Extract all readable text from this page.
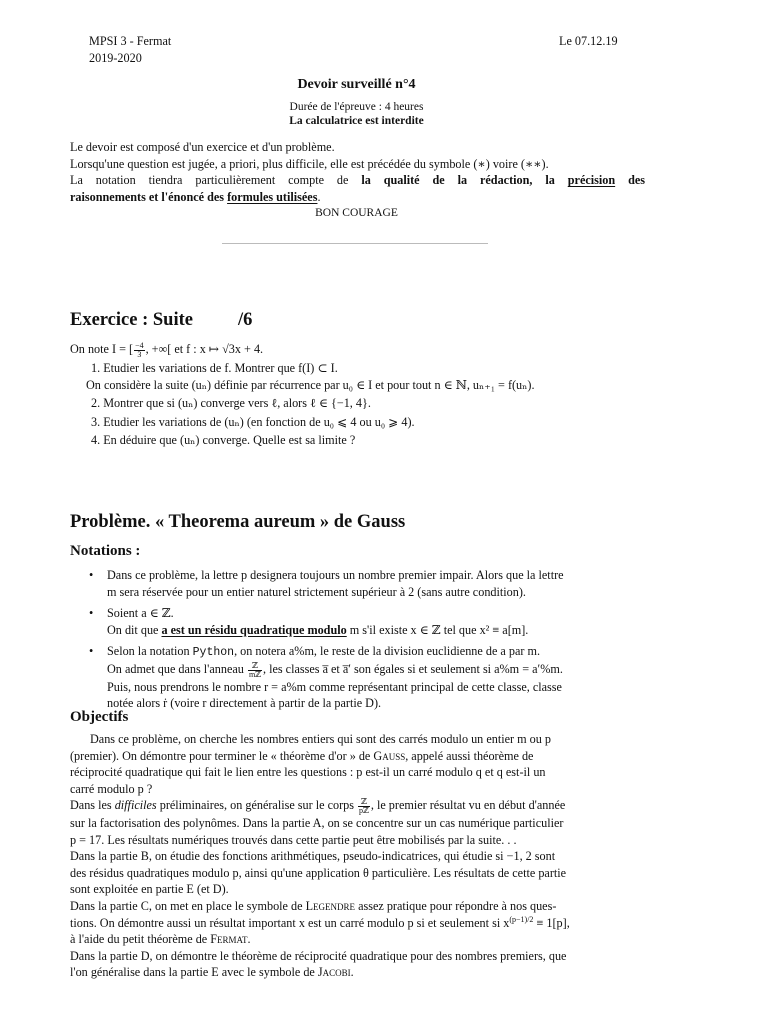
MPSI 3 - Fermat

2019-2020

Le 07.12.19
Devoir surveillé n°4
Durée de l'épreuve : 4 heures
La calculatrice est interdite

Le devoir est composé d'un exercice et d'un problème.

Lorsqu'une question est jugée, a priori, plus difficile, elle est précédée du symbole (∗) voire (∗∗).

La notation tiendra particulièrement compte de la qualité de la rédaction, la précision des

raisonnements et l'énoncé des formules utilisées.

BON COURAGE
Exercice : Suite /6
On note I = [ $\frac{-4}{3}$ , +∞[ et f : x ↦ √3x + 4.

1. Etudier les variations de f. Montrer que f(I) ⊂ I.

On considère la suite (uₙ) définie par récurrence par u₀ ∈ I et pour tout n ∈ ℕ, uₙ₊₁ = f(uₙ).

2. Montrer que si (uₙ) converge vers ℓ, alors ℓ ∈ {−1, 4}.

3. Etudier les variations de (uₙ) (en fonction de u₀ ⩽ 4 ou u₀ ⩾ 4).

4. En déduire que (uₙ) converge. Quelle est sa limite ?

Problème. « Theorema aureum » de Gauss
Notations :
• Dans ce problème, la lettre p designera toujours un nombre premier impair. Alors que la lettre

m sera réservée pour un entier naturel strictement supérieur à 2 (sans autre condition).

• Soient a ∈ ℤ.

On dit que a est un résidu quadratique modulo m s'il existe x ∈ ℤ tel que x² ≡ a[m].

• Selon la notation Python, on notera a%m, le reste de la division euclidienne de a par m.

On admet que dans l'anneau $\frac{\text{ℤ}}{\text{mℤ}}$ , les classes a̅ et a̅′ son égales si et seulement si a%m = a′%m.

Puis, nous prendrons le nombre r = a%m comme représentant principal de cette classe, classe

notée alors ṙ (voire r directement à partir de la partie D).

Objectifs

Dans ce problème, on cherche les nombres entiers qui sont des carrés modulo un entier m ou p

(premier). On démontre pour terminer le « théorème d'or » de Gauss, appelé aussi théorème de

réciprocité quadratique qui fait le lien entre les questions : p est-il un carré modulo q et q est-il un

carré modulo p ?

Dans les difficiles préliminaires, on généralise sur le corps $\frac{\text{ℤ}}{\text{pℤ}}$ , le premier résultat vu en début d'année

sur la factorisation des polynômes. Dans la partie A, on se concentre sur un cas numérique particulier

p = 17. Les résultats numériques trouvés dans cette partie peut être mobilisés par la suite. . .

Dans la partie B, on étudie des fonctions arithmétiques, pseudo-indicatrices, qui étudie si −1, 2 sont

des résidus quadratiques modulo p, ainsi qu'une application θ particulière. Les résultats de cette partie

sont exploitée en partie E (et D).

Dans la partie C, on met en place le symbole de Legendre assez pratique pour répondre à nos ques-

tions. On démontre aussi un résultat important x est un carré modulo p si et seulement si $x^{(p-1)/2} \equiv 1[p]$,

à l'aide du petit théorème de Fermat.

Dans la partie D, on démontre le théorème de réciprocité quadratique pour des nombres premiers, que

l'on généralise dans la partie E avec le symbole de Jacobi.
